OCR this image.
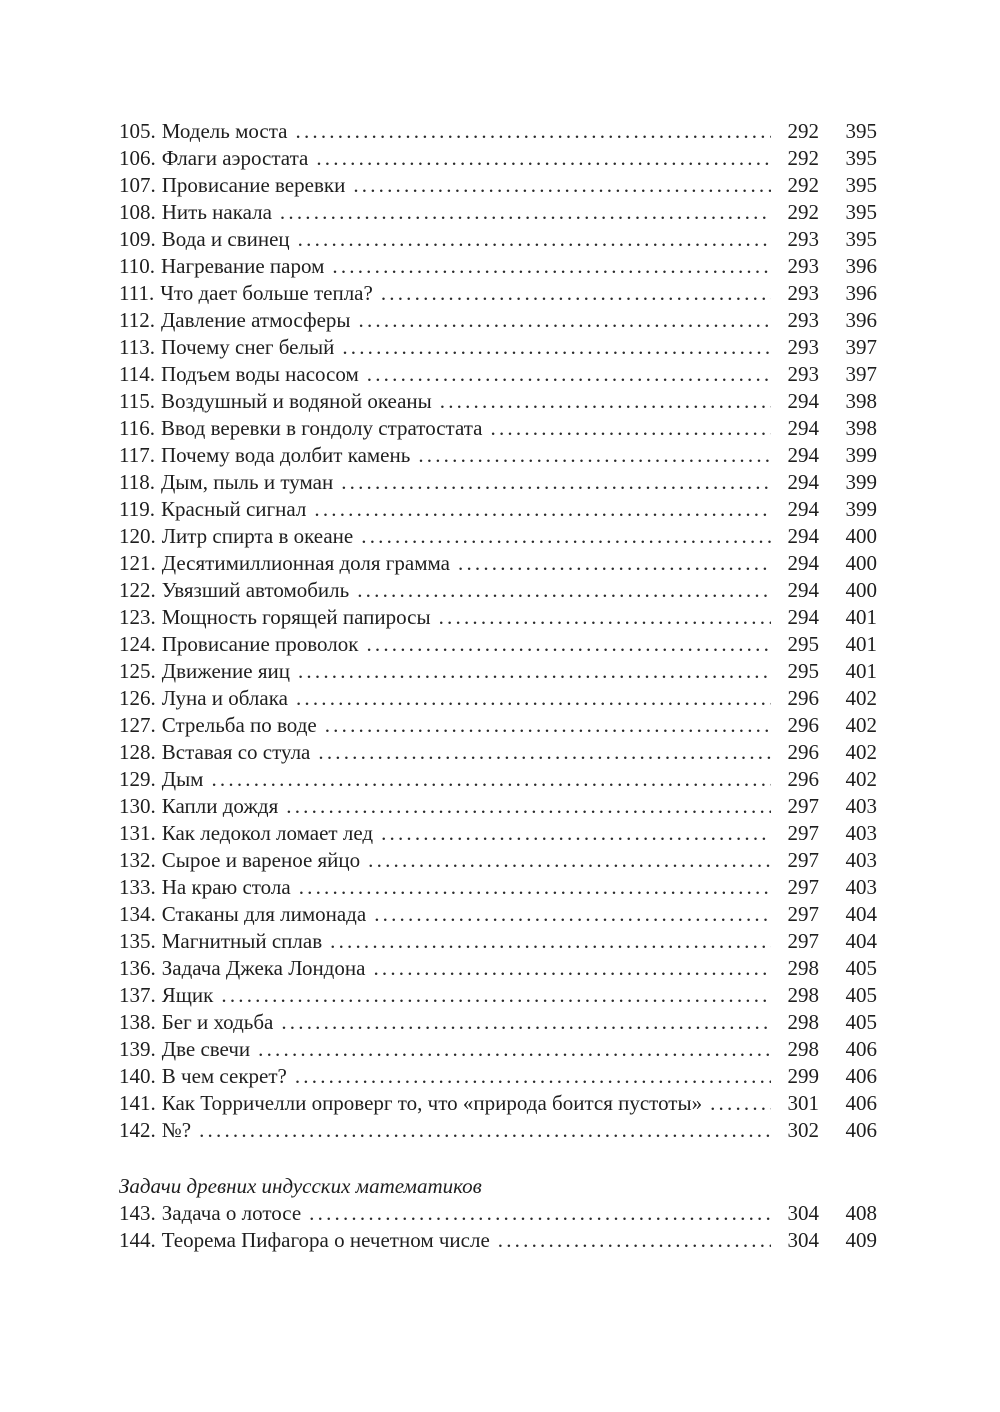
105. Модель моста .....	292	395
106. Флаги аэростата .....	292	395
107. Провисание веревки .....	292	395
108. Нить накала .....	292	395
109. Вода и свинец .....	293	395
110. Нагревание паром .....	293	396
111. Что дает больше тепла? .....	293	396
112. Давление атмосферы .....	293	396
113. Почему снег белый .....	293	397
114. Подъем воды насосом .....	293	397
115. Воздушный и водяной океаны .....	294	398
116. Ввод веревки в гондолу стратостата .....	294	398
117. Почему вода долбит камень .....	294	399
118. Дым, пыль и туман .....	294	399
119. Красный сигнал .....	294	399
120. Литр спирта в океане .....	294	400
121. Десятимиллионная доля грамма .....	294	400
122. Увязший автомобиль .....	294	400
123. Мощность горящей папиросы .....	294	401
124. Провисание проволок .....	295	401
125. Движение яиц .....	295	401
126. Луна и облака .....	296	402
127. Стрельба по воде .....	296	402
128. Вставая со стула .....	296	402
129. Дым .....	296	402
130. Капли дождя .....	297	403
131. Как ледокол ломает лед .....	297	403
132. Сырое и вареное яйцо .....	297	403
133. На краю стола .....	297	403
134. Стаканы для лимонада .....	297	404
135. Магнитный сплав .....	297	404
136. Задача Джека Лондона .....	298	405
137. Ящик .....	298	405
138. Бег и ходьба .....	298	405
139. Две свечи .....	298	406
140. В чем секрет? .....	299	406
141. Как Торричелли опроверг то, что «природа боится пустоты» .....	301	406
142. №? .....	302	406
Задачи древних индусских математиков
143. Задача о лотосе .....	304	408
144. Теорема Пифагора о нечетном числе .....	304	409
